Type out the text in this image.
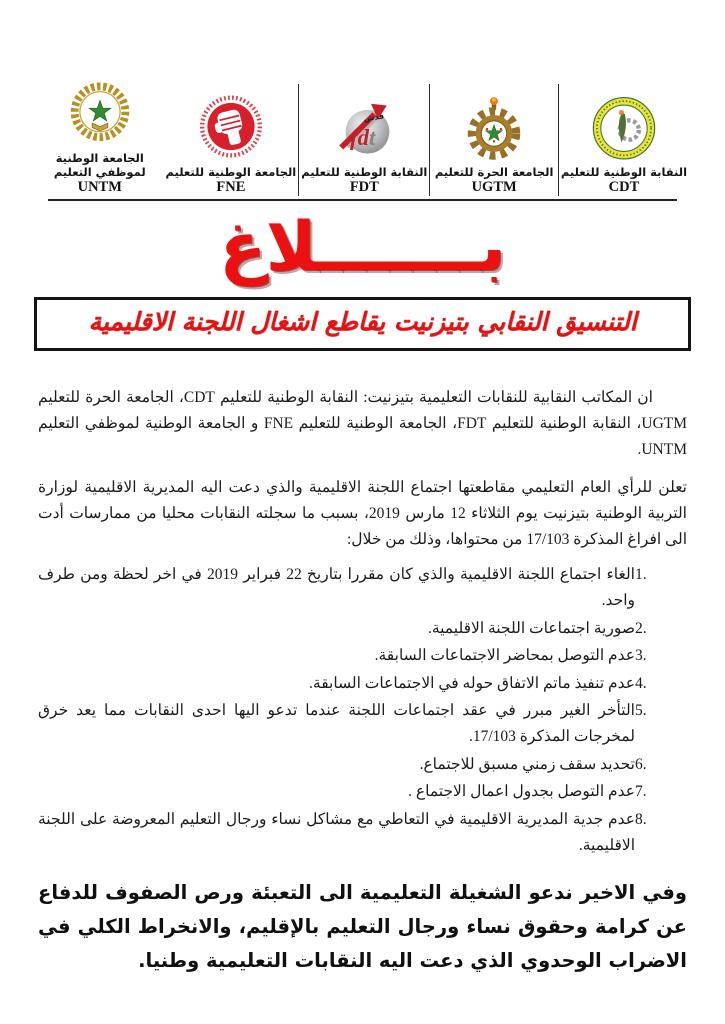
الجامعة الوطنية لموظفي التعليم
UNTM
الجامعة الوطنية للتعليم
FNE
فدش
fdt
النقابة الوطنية للتعليم
FDT
الجامعة الحرة للتعليم
UGTM
النقابة الوطنية للتعليم
CDT
بـــــــلاغ
التنسيق النقابي بتيزنيت يقاطع اشغال اللجنة الاقليمية

ان المكاتب النقابية للنقابات التعليمية بتيزنيت: النقابة الوطنية للتعليم CDT، الجامعة الحرة للتعليم UGTM، النقابة الوطنية للتعليم FDT، الجامعة الوطنية للتعليم FNE و الجامعة الوطنية لموظفي التعليم UNTM.

تعلن للرأي العام التعليمي مقاطعتها اجتماع اللجنة الاقليمية والذي دعت اليه المديرية الاقليمية لوزارة التربية الوطنية بتيزنيت يوم الثلاثاء 12 مارس 2019، بسبب ما سجلته النقابات محليا من ممارسات أدت الى افراغ المذكرة 17/103 من محتواها، وذلك من خلال:

1.
الغاء اجتماع اللجنة الاقليمية والذي كان مقررا بتاريخ 22 فبراير 2019 في اخر لحظة ومن طرف واحد.
2.
صورية اجتماعات اللجنة الاقليمية.
3.
عدم التوصل بمحاضر الاجتماعات السابقة.
4.
عدم تنفيذ ماتم الاتفاق حوله في الاجتماعات السابقة.
5.
التأخر الغير مبرر في عقد اجتماعات اللجنة عندما تدعو اليها احدى النقابات مما يعد خرق لمخرجات المذكرة 17/103.
6.
تحديد سقف زمني مسبق للاجتماع.
7.
عدم التوصل بجدول اعمال الاجتماع .
8.
عدم جدية المديرية الاقليمية في التعاطي مع مشاكل نساء ورجال التعليم المعروضة على اللجنة الاقليمية.

وفي الاخير ندعو الشغيلة التعليمية الى التعبئة ورص الصفوف للدفاع عن كرامة وحقوق نساء ورجال التعليم بالإقليم، والانخراط الكلي في الاضراب الوحدوي الذي دعت اليه النقابات التعليمية وطنيا.
